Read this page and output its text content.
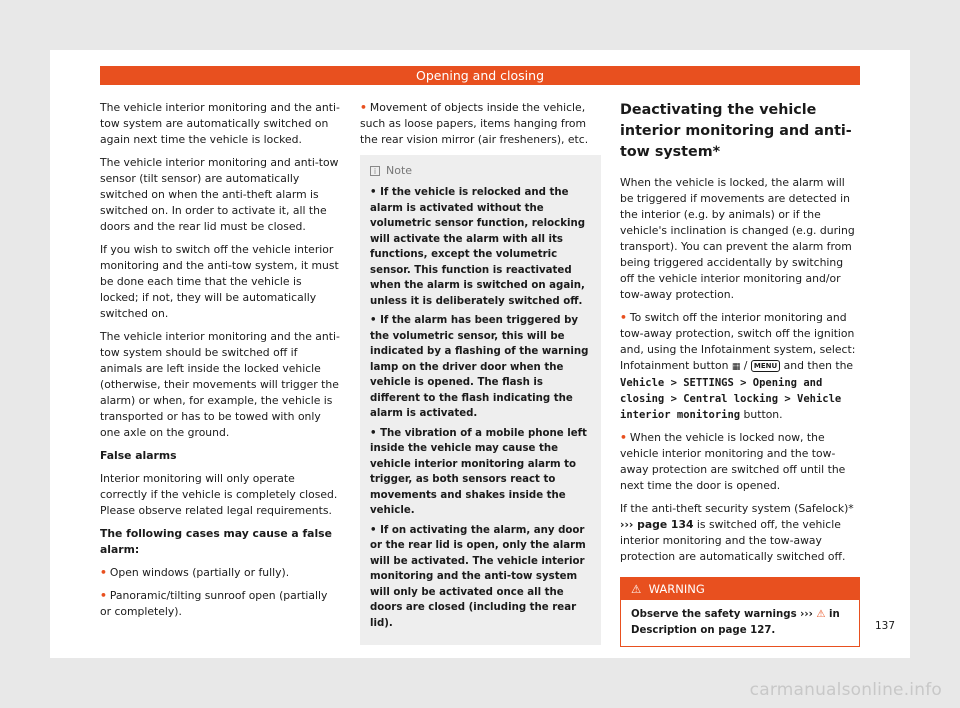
Opening and closing

The vehicle interior monitoring and the anti-tow system are automatically switched on again next time the vehicle is locked.

The vehicle interior monitoring and anti-tow sensor (tilt sensor) are automatically switched on when the anti-theft alarm is switched on. In order to activate it, all the doors and the rear lid must be closed.

If you wish to switch off the vehicle interior monitoring and the anti-tow system, it must be done each time that the vehicle is locked; if not, they will be automatically switched on.

The vehicle interior monitoring and the anti-tow system should be switched off if animals are left inside the locked vehicle (otherwise, their movements will trigger the alarm) or when, for example, the vehicle is transported or has to be towed with only one axle on the ground.

False alarms

Interior monitoring will only operate correctly if the vehicle is completely closed. Please observe related legal requirements.

The following cases may cause a false alarm:

• Open windows (partially or fully).

• Panoramic/tilting sunroof open (partially or completely).

• Movement of objects inside the vehicle, such as loose papers, items hanging from the rear vision mirror (air fresheners), etc.

i Note

• If the vehicle is relocked and the alarm is activated without the volumetric sensor function, relocking will activate the alarm with all its functions, except the volumetric sensor. This function is reactivated when the alarm is switched on again, unless it is deliberately switched off.

• If the alarm has been triggered by the volumetric sensor, this will be indicated by a flashing of the warning lamp on the driver door when the vehicle is opened. The flash is different to the flash indicating the alarm is activated.

• The vibration of a mobile phone left inside the vehicle may cause the vehicle interior monitoring alarm to trigger, as both sensors react to movements and shakes inside the vehicle.

• If on activating the alarm, any door or the rear lid is open, only the alarm will be activated. The vehicle interior monitoring and the anti-tow system will only be activated once all the doors are closed (including the rear lid).

Deactivating the vehicle interior monitoring and anti-tow system*

When the vehicle is locked, the alarm will be triggered if movements are detected in the interior (e.g. by animals) or if the vehicle's inclination is changed (e.g. during transport). You can prevent the alarm from being triggered accidentally by switching off the vehicle interior monitoring and/or tow-away protection.

• To switch off the interior monitoring and tow-away protection, switch off the ignition and, using the Infotainment system, select: Infotainment button ▦ / MENU and then the Vehicle > SETTINGS > Opening and closing > Central locking > Vehicle interior monitoring button.

• When the vehicle is locked now, the vehicle interior monitoring and the tow-away protection are switched off until the next time the door is opened.

If the anti-theft security system (Safelock)* ››› page 134 is switched off, the vehicle interior monitoring and the tow-away protection are automatically switched off.

⚠ WARNING
Observe the safety warnings ››› ⚠ in Description on page 127.	137
carmanualsonline.info
